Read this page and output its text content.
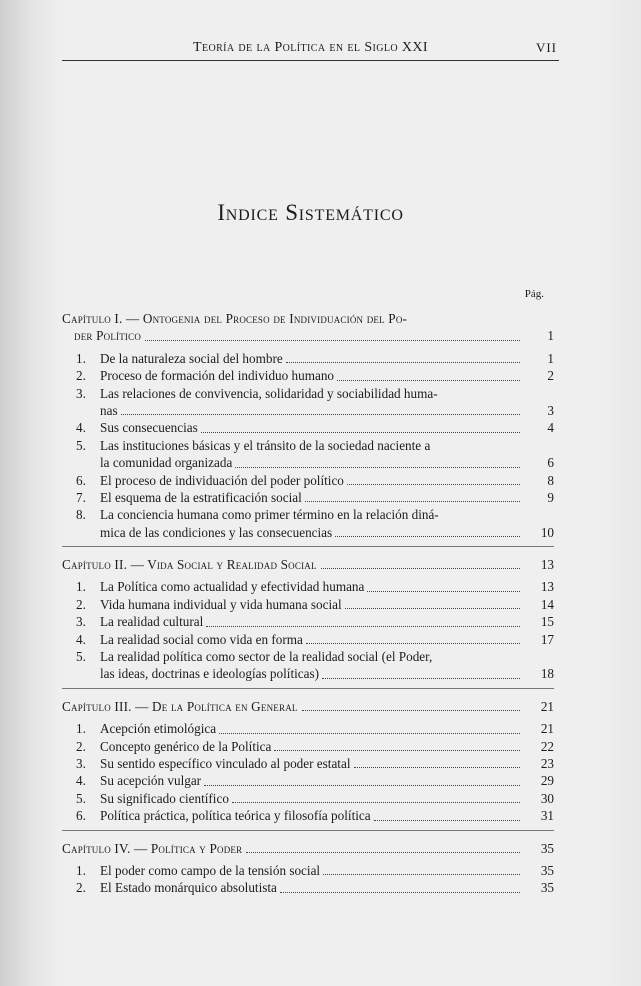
Teoría de la Política en el Siglo XXI	VII
Indice Sistemático
Pág.
Capítulo I. — Ontogenia del Proceso de Individuación del Po-
der Político	1
1. De la naturaleza social del hombre	1
2. Proceso de formación del individuo humano	2
3. Las relaciones de convivencia, solidaridad y sociabilidad huma-
nas	3
4. Sus consecuencias	4
5. Las instituciones básicas y el tránsito de la sociedad naciente a
la comunidad organizada	6
6. El proceso de individuación del poder político	8
7. El esquema de la estratificación social	9
8. La conciencia humana como primer término en la relación diná-
mica de las condiciones y las consecuencias	10
Capítulo II. — Vida Social y Realidad Social	13
1. La Política como actualidad y efectividad humana	13
2. Vida humana individual y vida humana social	14
3. La realidad cultural	15
4. La realidad social como vida en forma	17
5. La realidad política como sector de la realidad social (el Poder,
las ideas, doctrinas e ideologías políticas)	18
Capítulo III. — De la Política en General	21
1. Acepción etimológica	21
2. Concepto genérico de la Política	22
3. Su sentido específico vinculado al poder estatal	23
4. Su acepción vulgar	29
5. Su significado científico	30
6. Política práctica, política teórica y filosofía política	31
Capítulo IV. — Política y Poder	35
1. El poder como campo de la tensión social	35
2. El Estado monárquico absolutista	35
